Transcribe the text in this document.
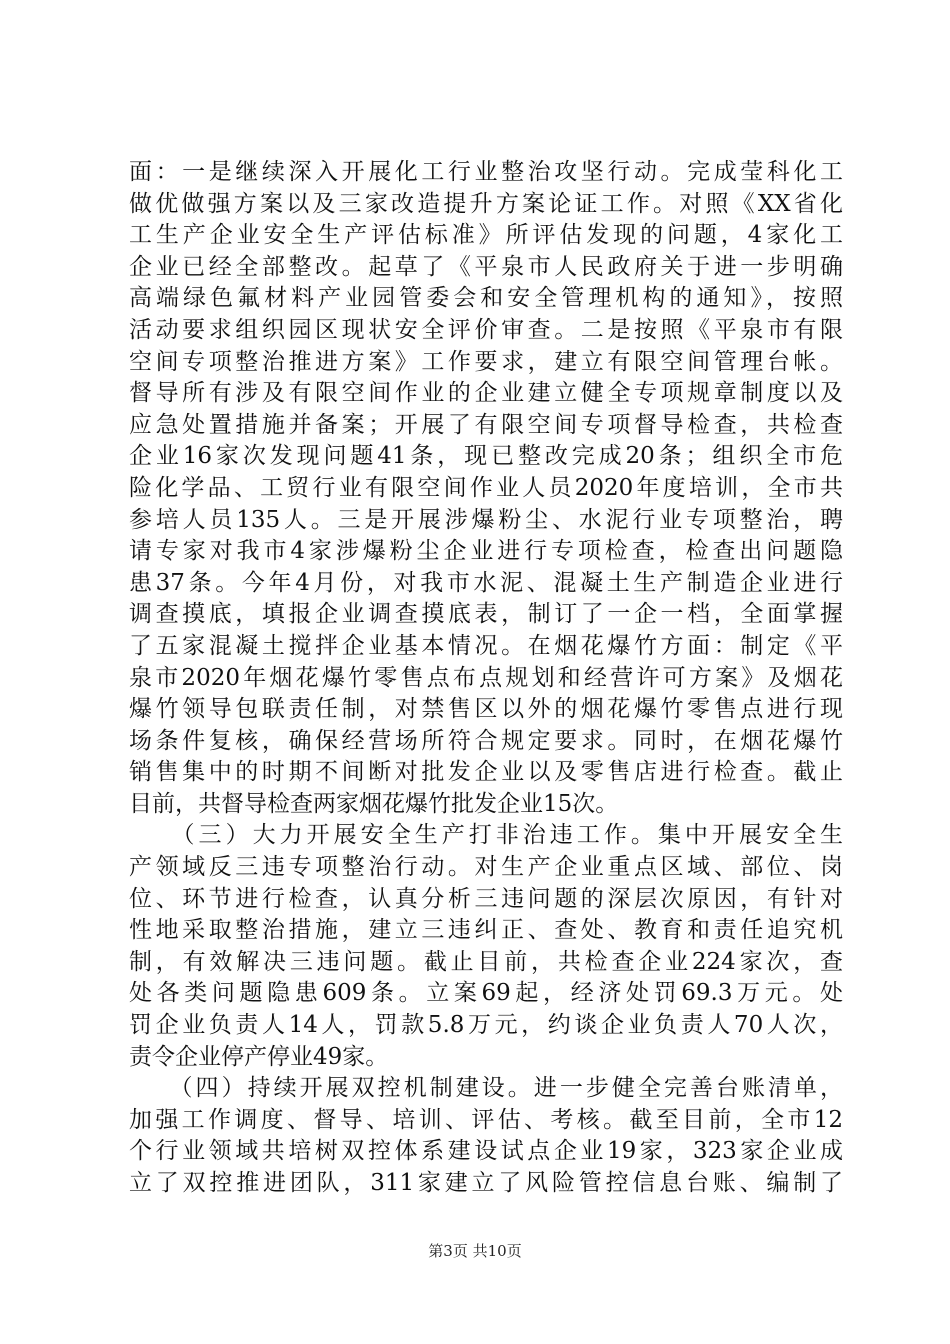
面：一是继续深入开展化工行业整治攻坚行动。完成莹科化工
做优做强方案以及三家改造提升方案论证工作。对照《XX省化
工生产企业安全生产评估标准》所评估发现的问题，4家化工
企业已经全部整改。起草了《平泉市人民政府关于进一步明确
高端绿色氟材料产业园管委会和安全管理机构的通知》，按照
活动要求组织园区现状安全评价审查。二是按照《平泉市有限
空间专项整治推进方案》工作要求，建立有限空间管理台帐。
督导所有涉及有限空间作业的企业建立健全专项规章制度以及
应急处置措施并备案；开展了有限空间专项督导检查，共检查
企业16家次发现问题41条，现已整改完成20条；组织全市危
险化学品、工贸行业有限空间作业人员2020年度培训，全市共
参培人员135人。三是开展涉爆粉尘、水泥行业专项整治，聘
请专家对我市4家涉爆粉尘企业进行专项检查，检查出问题隐
患37条。今年4月份，对我市水泥、混凝土生产制造企业进行
调查摸底，填报企业调查摸底表，制订了一企一档，全面掌握
了五家混凝土搅拌企业基本情况。在烟花爆竹方面：制定《平
泉市2020年烟花爆竹零售点布点规划和经营许可方案》及烟花
爆竹领导包联责任制，对禁售区以外的烟花爆竹零售点进行现
场条件复核，确保经营场所符合规定要求。同时，在烟花爆竹
销售集中的时期不间断对批发企业以及零售店进行检查。截止
目前，共督导检查两家烟花爆竹批发企业15次。
　　（三）大力开展安全生产打非治违工作。集中开展安全生
产领域反三违专项整治行动。对生产企业重点区域、部位、岗
位、环节进行检查，认真分析三违问题的深层次原因，有针对
性地采取整治措施，建立三违纠正、查处、教育和责任追究机
制，有效解决三违问题。截止目前，共检查企业224家次，查
处各类问题隐患609条。立案69起，经济处罚69.3万元。处
罚企业负责人14人，罚款5.8万元，约谈企业负责人70人次，
责令企业停产停业49家。
　　（四）持续开展双控机制建设。进一步健全完善台账清单，
加强工作调度、督导、培训、评估、考核。截至目前，全市12
个行业领域共培树双控体系建设试点企业19家，323家企业成
立了双控推进团队，311家建立了风险管控信息台账、编制了
第3页 共10页
